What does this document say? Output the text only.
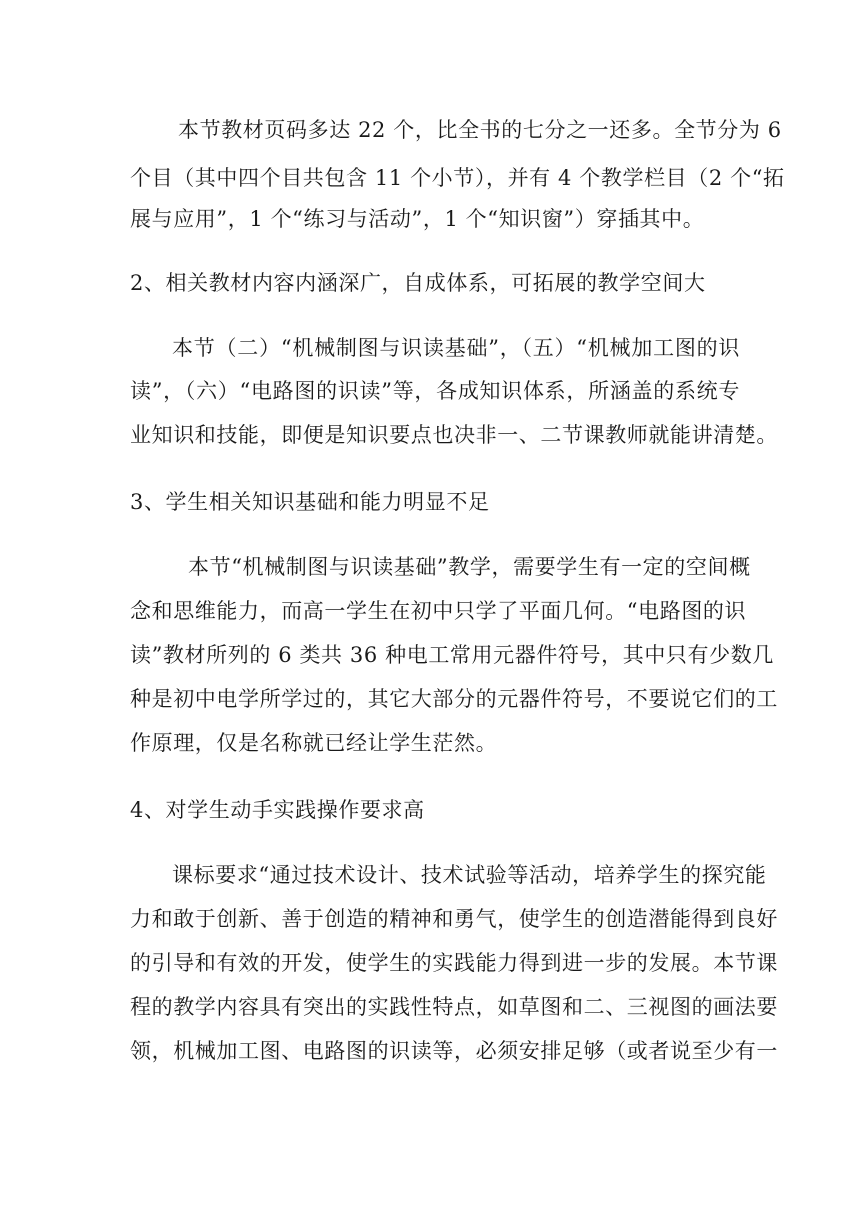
本节教材页码多达 22 个，比全书的七分之一还多。全节分为 6
个目（其中四个目共包含 11 个小节），并有 4 个教学栏目（2 个“拓
展与应用”，1 个“练习与活动”，1 个“知识窗”）穿插其中。
2、相关教材内容内涵深广，自成体系，可拓展的教学空间大
本节（二）“机械制图与识读基础”，（五）“机械加工图的识
读”，（六）“电路图的识读”等，各成知识体系，所涵盖的系统专
业知识和技能，即便是知识要点也决非一、二节课教师就能讲清楚。
3、学生相关知识基础和能力明显不足
本节“机械制图与识读基础”教学，需要学生有一定的空间概
念和思维能力，而高一学生在初中只学了平面几何。“电路图的识
读”教材所列的 6 类共 36 种电工常用元器件符号，其中只有少数几
种是初中电学所学过的，其它大部分的元器件符号，不要说它们的工
作原理，仅是名称就已经让学生茫然。
4、对学生动手实践操作要求高
课标要求“通过技术设计、技术试验等活动，培养学生的探究能
力和敢于创新、善于创造的精神和勇气，使学生的创造潜能得到良好
的引导和有效的开发，使学生的实践能力得到进一步的发展。本节课
程的教学内容具有突出的实践性特点，如草图和二、三视图的画法要
领，机械加工图、电路图的识读等，必须安排足够（或者说至少有一
